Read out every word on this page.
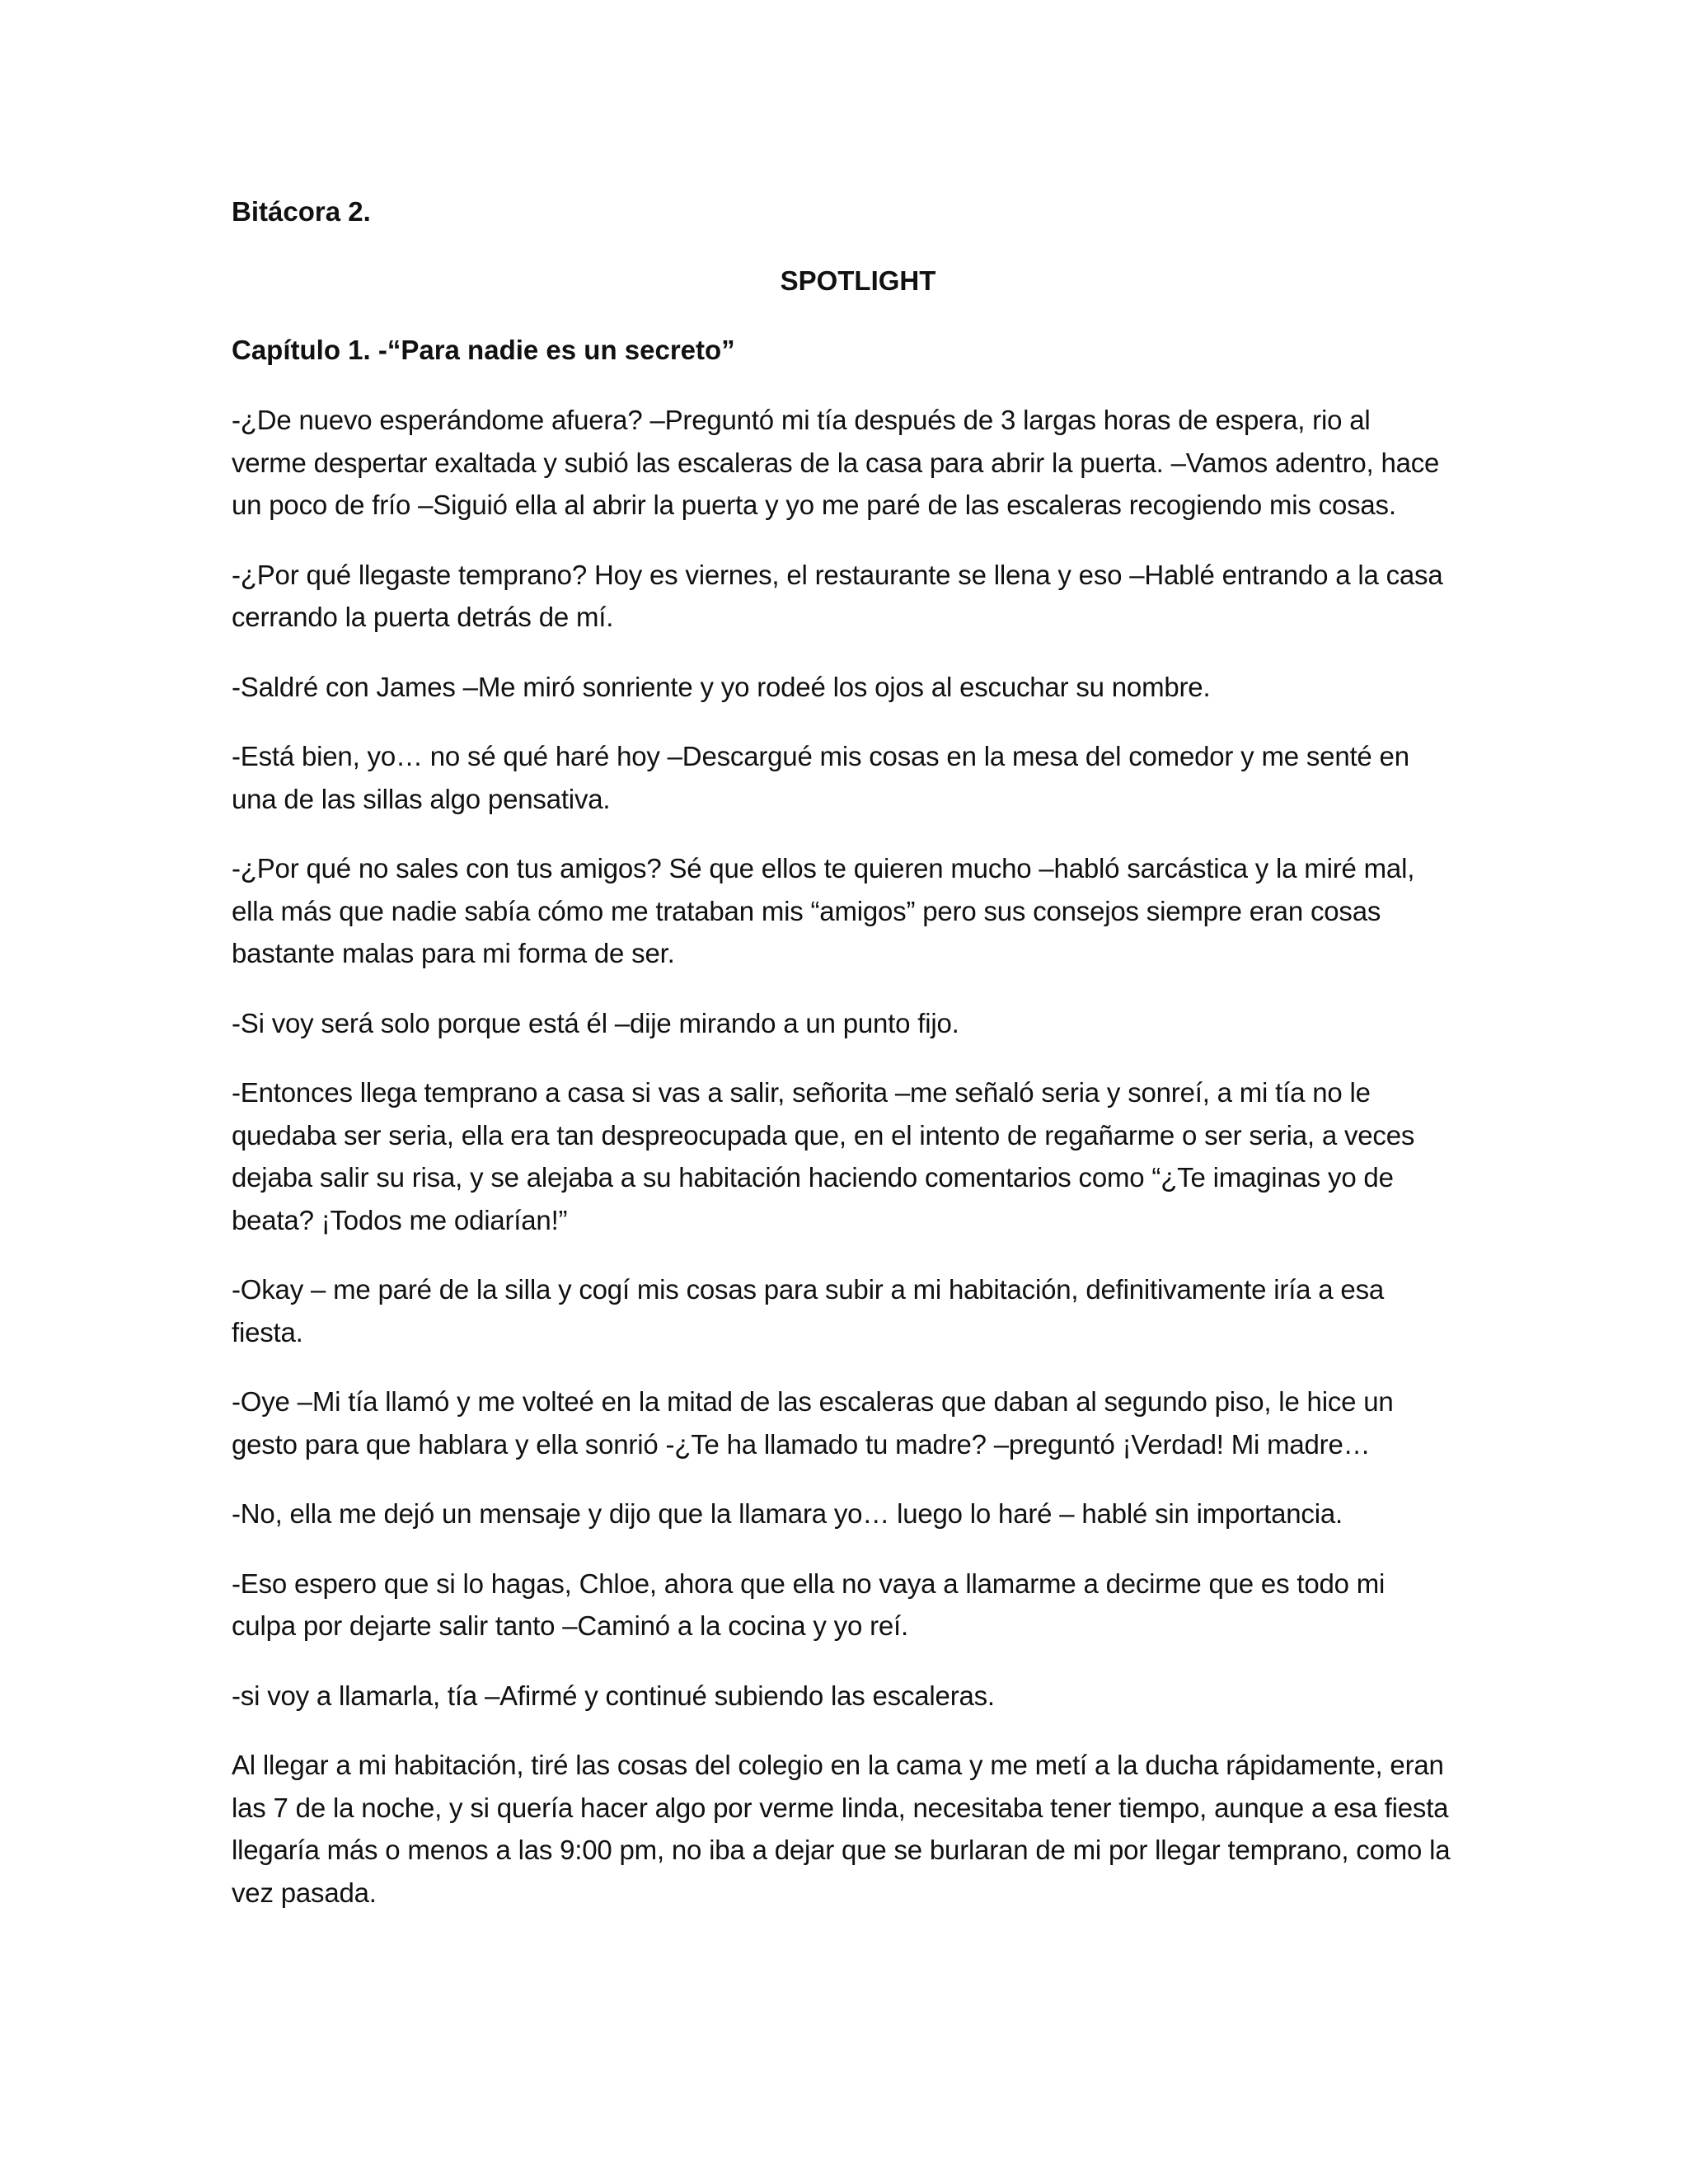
Bitácora 2.
SPOTLIGHT
Capítulo 1. -“Para nadie es un secreto”

-¿De nuevo esperándome afuera? –Preguntó mi tía después de 3 largas horas de espera, rio al verme despertar exaltada y subió las escaleras de la casa para abrir la puerta. –Vamos adentro, hace un poco de frío –Siguió ella al abrir la puerta y yo me paré de las escaleras recogiendo mis cosas.

-¿Por qué llegaste temprano? Hoy es viernes, el restaurante se llena y eso –Hablé entrando a la casa cerrando la puerta detrás de mí.

-Saldré con James –Me miró sonriente y yo rodeé los ojos al escuchar su nombre.

-Está bien, yo… no sé qué haré hoy –Descargué mis cosas en la mesa del comedor y me senté en una de las sillas algo pensativa.

-¿Por qué no sales con tus amigos? Sé que ellos te quieren mucho –habló sarcástica y la miré mal, ella más que nadie sabía cómo me trataban mis “amigos” pero sus consejos siempre eran cosas bastante malas para mi forma de ser.

-Si voy será solo porque está él –dije mirando a un punto fijo.

-Entonces llega temprano a casa si vas a salir, señorita –me señaló seria y sonreí, a mi tía no le quedaba ser seria, ella era tan despreocupada que, en el intento de regañarme o ser seria, a veces dejaba salir su risa, y se alejaba a su habitación haciendo comentarios como “¿Te imaginas yo de beata? ¡Todos me odiarían!”

-Okay – me paré de la silla y cogí mis cosas para subir a mi habitación, definitivamente iría a esa fiesta.

-Oye –Mi tía llamó y me volteé en la mitad de las escaleras que daban al segundo piso, le hice un gesto para que hablara y ella sonrió -¿Te ha llamado tu madre? –preguntó ¡Verdad! Mi madre…

-No, ella me dejó un mensaje y dijo que la llamara yo… luego lo haré – hablé sin importancia.

-Eso espero que si lo hagas, Chloe, ahora que ella no vaya a llamarme a decirme que es todo mi culpa por dejarte salir tanto –Caminó a la cocina y yo reí.

-si voy a llamarla, tía –Afirmé y continué subiendo las escaleras.

Al llegar a mi habitación, tiré las cosas del colegio en la cama y me metí a la ducha rápidamente, eran las 7 de la noche, y si quería hacer algo por verme linda, necesitaba tener tiempo, aunque a esa fiesta llegaría más o menos a las 9:00 pm, no iba a dejar que se burlaran de mi por llegar temprano, como la vez pasada.
